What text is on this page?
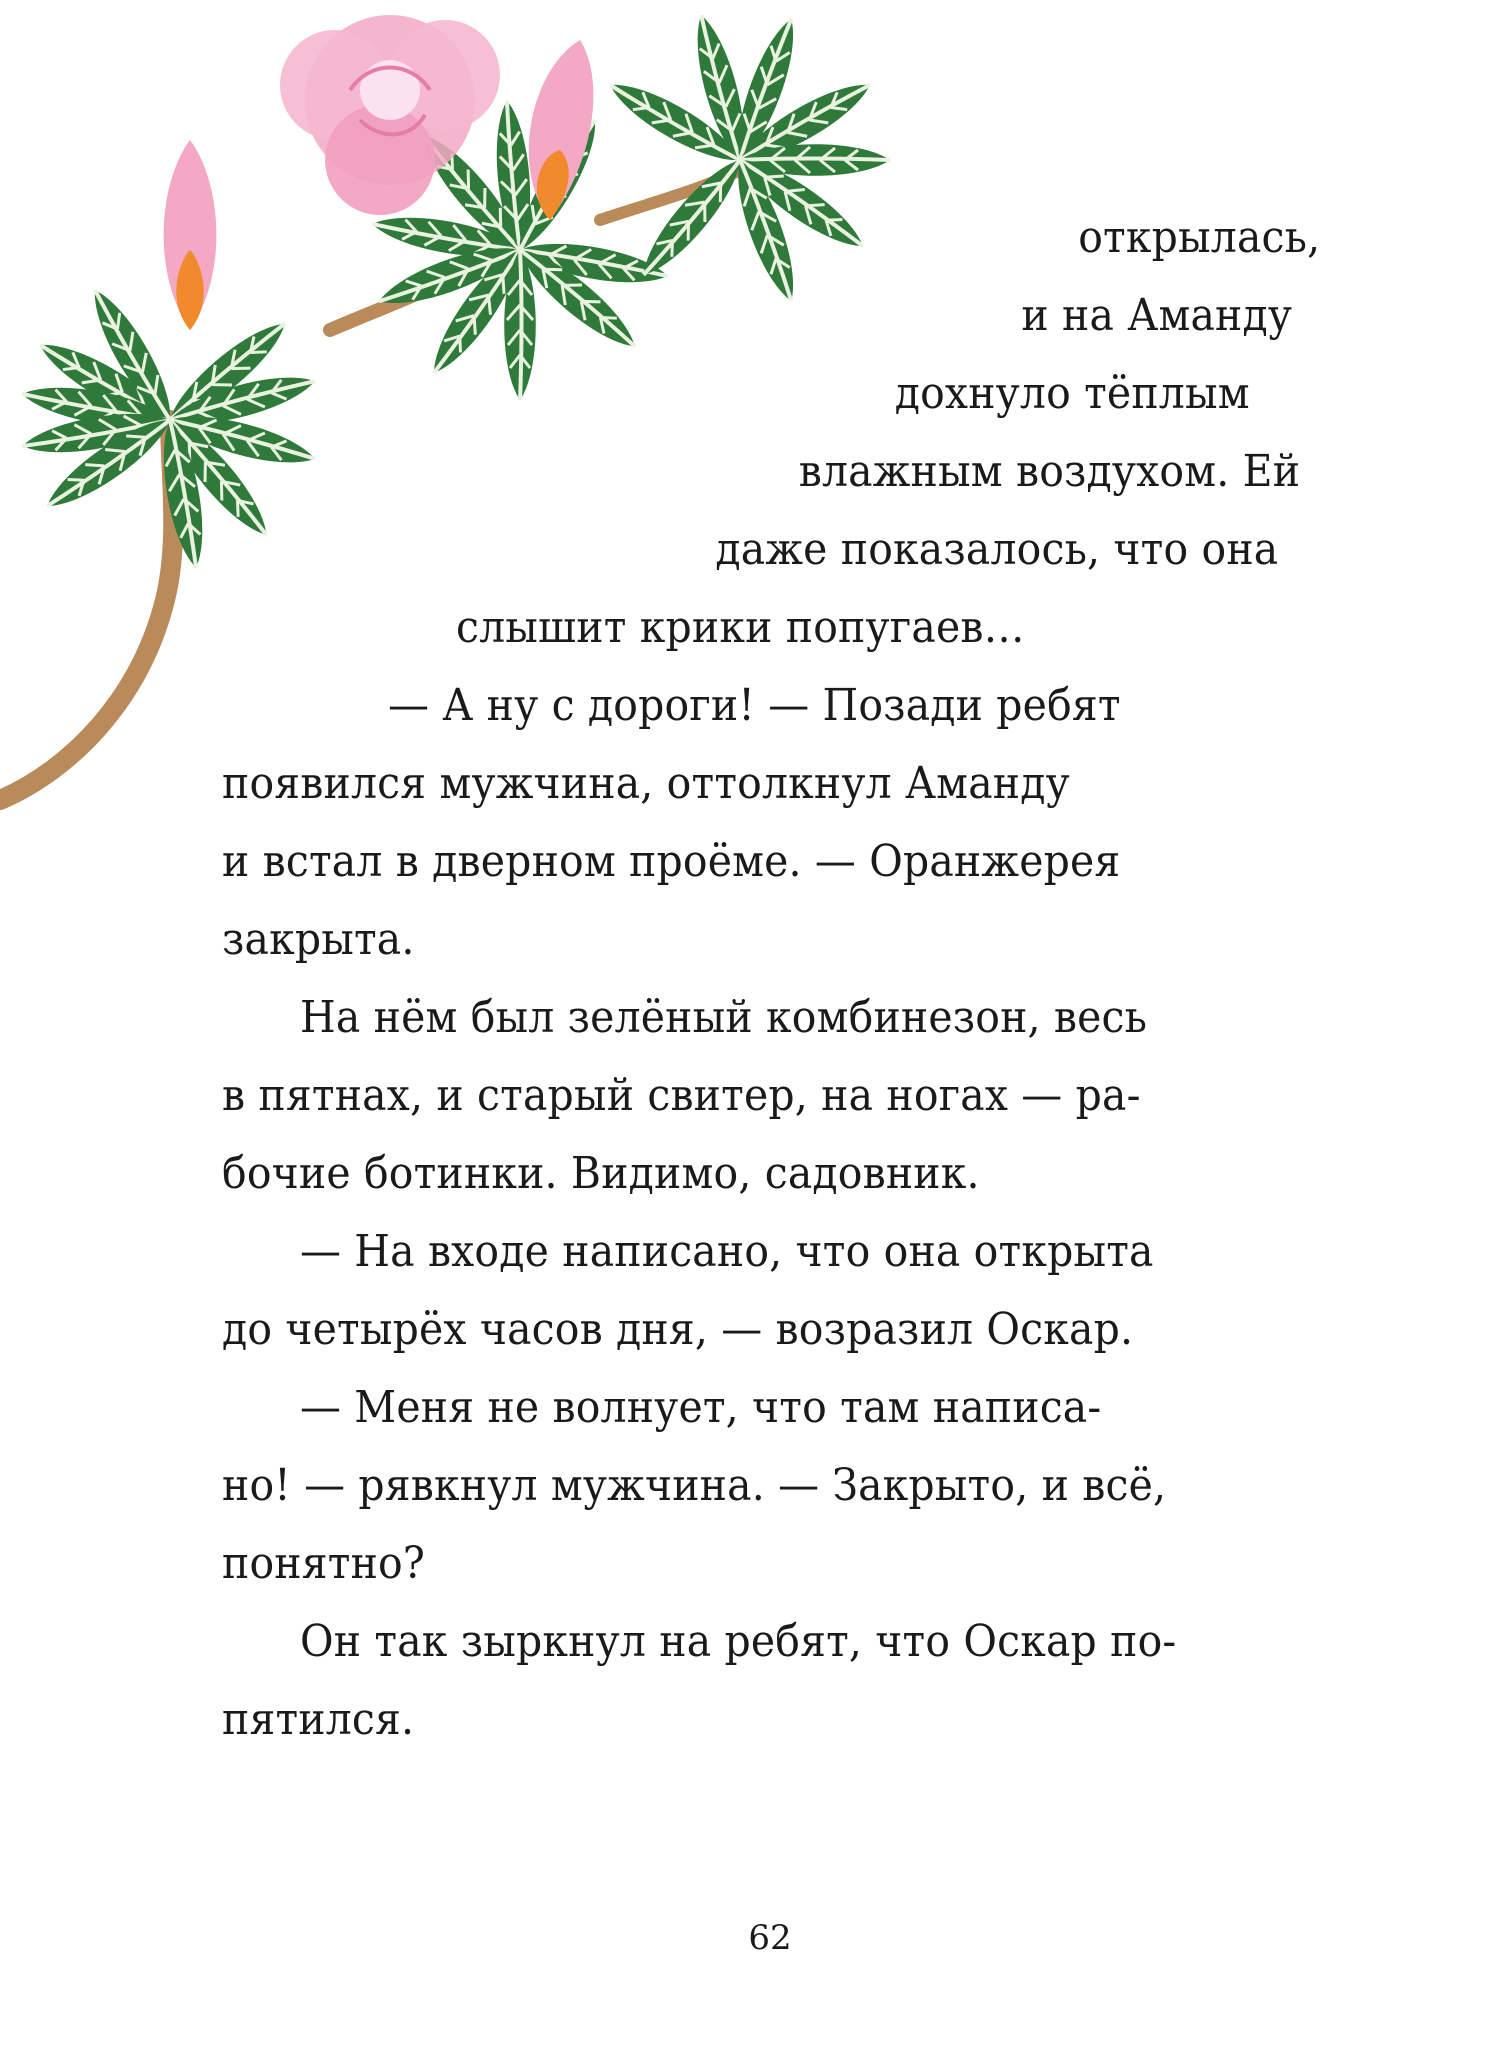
открылась,
и на Аманду
дохнуло тёплым
влажным воздухом. Ей
даже показалось, что она
слышит крики попугаев…
— А ну с дороги! — Позади ребят
появился мужчина, оттолкнул Аманду
и встал в дверном проёме. — Оранжерея
закрыта.
На нём был зелёный комбинезон, весь
в пятнах, и старый свитер, на ногах — ра-
бочие ботинки. Видимо, садовник.
— На входе написано, что она открыта
до четырёх часов дня, — возразил Оскар.
— Меня не волнует, что там написа-
но! — рявкнул мужчина. — Закрыто, и всё,
понятно?
Он так зыркнул на ребят, что Оскар по-
пятился.
62
